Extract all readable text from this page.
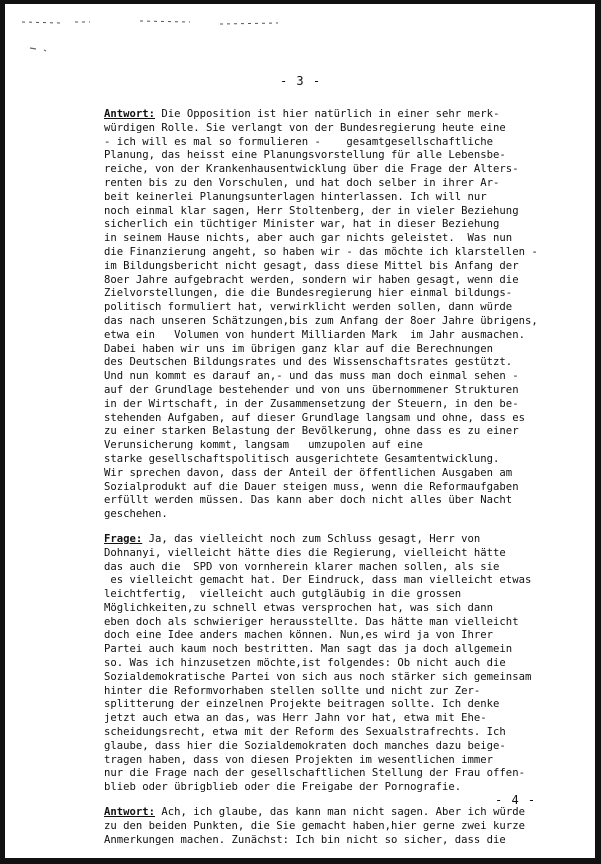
- 3 -
Antwort: Die Opposition ist hier natürlich in einer sehr merk-
würdigen Rolle. Sie verlangt von der Bundesregierung heute eine
- ich will es mal so formulieren -    gesamtgesellschaftliche
Planung, das heisst eine Planungsvorstellung für alle Lebensbe-
reiche, von der Krankenhausentwicklung über die Frage der Alters-
renten bis zu den Vorschulen, und hat doch selber in ihrer Ar-
beit keinerlei Planungsunterlagen hinterlassen. Ich will nur
noch einmal klar sagen, Herr Stoltenberg, der in vieler Beziehung
sicherlich ein tüchtiger Minister war, hat in dieser Beziehung
in seinem Hause nichts, aber auch gar nichts geleistet.  Was nun
die Finanzierung angeht, so haben wir - das möchte ich klarstellen -
im Bildungsbericht nicht gesagt, dass diese Mittel bis Anfang der
8oer Jahre aufgebracht werden, sondern wir haben gesagt, wenn die
Zielvorstellungen, die die Bundesregierung hier einmal bildungs-
politisch formuliert hat, verwirklicht werden sollen, dann würde
das nach unseren Schätzungen,bis zum Anfang der 8oer Jahre übrigens,
etwa ein   Volumen von hundert Milliarden Mark  im Jahr ausmachen.
Dabei haben wir uns im übrigen ganz klar auf die Berechnungen
des Deutschen Bildungsrates und des Wissenschaftsrates gestützt.
Und nun kommt es darauf an,- und das muss man doch einmal sehen -
auf der Grundlage bestehender und von uns übernommener Strukturen
in der Wirtschaft, in der Zusammensetzung der Steuern, in den be-
stehenden Aufgaben, auf dieser Grundlage langsam und ohne, dass es
zu einer starken Belastung der Bevölkerung, ohne dass es zu einer
Verunsicherung kommt, langsam   umzupolen auf eine
starke gesellschaftspolitisch ausgerichtete Gesamtentwicklung.
Wir sprechen davon, dass der Anteil der öffentlichen Ausgaben am
Sozialprodukt auf die Dauer steigen muss, wenn die Reformaufgaben
erfüllt werden müssen. Das kann aber doch nicht alles über Nacht
geschehen.
Frage: Ja, das vielleicht noch zum Schluss gesagt, Herr von
Dohnanyi, vielleicht hätte dies die Regierung, vielleicht hätte
das auch die  SPD von vornherein klarer machen sollen, als sie
es vielleicht gemacht hat. Der Eindruck, dass man vielleicht etwas
leichtfertig,  vielleicht auch gutgläubig in die grossen
Möglichkeiten,zu schnell etwas versprochen hat, was sich dann
eben doch als schwieriger herausstellte. Das hätte man vielleicht
doch eine Idee anders machen können. Nun,es wird ja von Ihrer
Partei auch kaum noch bestritten. Man sagt das ja doch allgemein
so. Was ich hinzusetzen möchte,ist folgendes: Ob nicht auch die
Sozialdemokratische Partei von sich aus noch stärker sich gemeinsam
hinter die Reformvorhaben stellen sollte und nicht zur Zer-
splitterung der einzelnen Projekte beitragen sollte. Ich denke
jetzt auch etwa an das, was Herr Jahn vor hat, etwa mit Ehe-
scheidungsrecht, etwa mit der Reform des Sexualstrafrechts. Ich
glaube, dass hier die Sozialdemokraten doch manches dazu beige-
tragen haben, dass von diesen Projekten im wesentlichen immer
nur die Frage nach der gesellschaftlichen Stellung der Frau offen-
blieb oder übrigblieb oder die Freigabe der Pornografie.
Antwort: Ach, ich glaube, das kann man nicht sagen. Aber ich würde
zu den beiden Punkten, die Sie gemacht haben,hier gerne zwei kurze
Anmerkungen machen. Zunächst: Ich bin nicht so sicher, dass die
- 4 -
